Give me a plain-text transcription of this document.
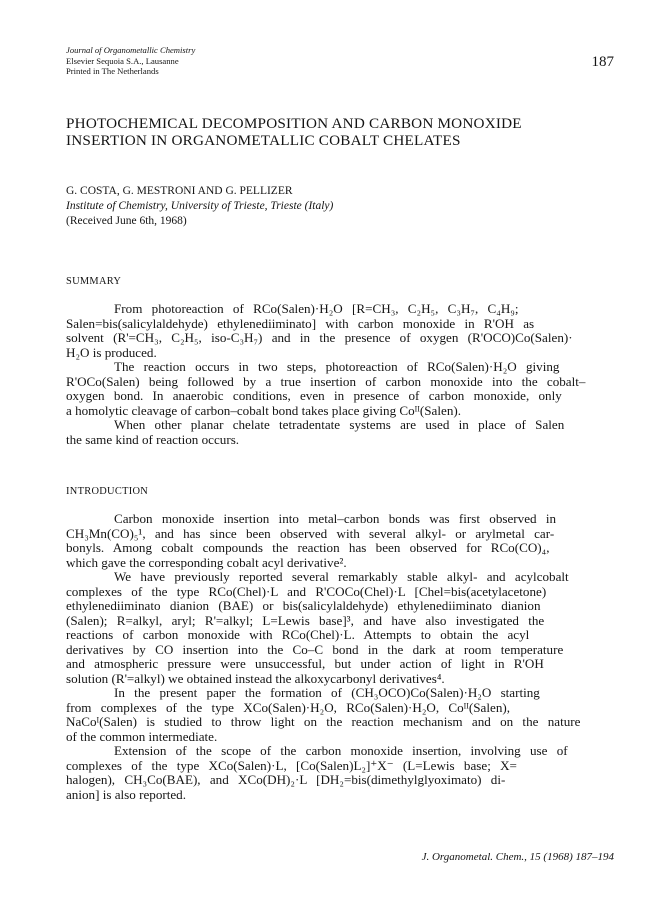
Journal of Organometallic Chemistry
Elsevier Sequoia S.A., Lausanne
Printed in The Netherlands
187
PHOTOCHEMICAL DECOMPOSITION AND CARBON MONOXIDE
INSERTION IN ORGANOMETALLIC COBALT CHELATES
G. COSTA, G. MESTRONI AND G. PELLIZER
Institute of Chemistry, University of Trieste, Trieste (Italy)
(Received June 6th, 1968)
SUMMARY
From photoreaction of RCo(Salen)·H₂O [R=CH₃, C₂H₅, C₃H₇, C₄H₉;
Salen=bis(salicylaldehyde) ethylenediiminato] with carbon monoxide in R'OH as
solvent (R'=CH₃, C₂H₅, iso-C₃H₇) and in the presence of oxygen (R'OCO)Co(Salen)·
H₂O is produced.
The reaction occurs in two steps, photoreaction of RCo(Salen)·H₂O giving
R'OCo(Salen) being followed by a true insertion of carbon monoxide into the cobalt–
oxygen bond. In anaerobic conditions, even in presence of carbon monoxide, only
a homolytic cleavage of carbon–cobalt bond takes place giving Coᴵᴵ(Salen).
When other planar chelate tetradentate systems are used in place of Salen
the same kind of reaction occurs.
INTRODUCTION
Carbon monoxide insertion into metal–carbon bonds was first observed in
CH₃Mn(CO)₅¹, and has since been observed with several alkyl- or arylmetal car-
bonyls. Among cobalt compounds the reaction has been observed for RCo(CO)₄,
which gave the corresponding cobalt acyl derivative².
We have previously reported several remarkably stable alkyl- and acylcobalt
complexes of the type RCo(Chel)·L and R'COCo(Chel)·L [Chel=bis(acetylacetone)
ethylenediiminato dianion (BAE) or bis(salicylaldehyde) ethylenediiminato dianion
(Salen); R=alkyl, aryl; R'=alkyl; L=Lewis base]³, and have also investigated the
reactions of carbon monoxide with RCo(Chel)·L. Attempts to obtain the acyl
derivatives by CO insertion into the Co–C bond in the dark at room temperature
and atmospheric pressure were unsuccessful, but under action of light in R'OH
solution (R'=alkyl) we obtained instead the alkoxycarbonyl derivatives⁴.
In the present paper the formation of (CH₃OCO)Co(Salen)·H₂O starting
from complexes of the type XCo(Salen)·H₂O, RCo(Salen)·H₂O, Coᴵᴵ(Salen),
NaCoᴵ(Salen) is studied to throw light on the reaction mechanism and on the nature
of the common intermediate.
Extension of the scope of the carbon monoxide insertion, involving use of
complexes of the type XCo(Salen)·L, [Co(Salen)L₂]⁺X⁻ (L=Lewis base; X=
halogen), CH₃Co(BAE), and XCo(DH)₂·L [DH₂=bis(dimethylglyoximato) di-
anion] is also reported.
J. Organometal. Chem., 15 (1968) 187–194
